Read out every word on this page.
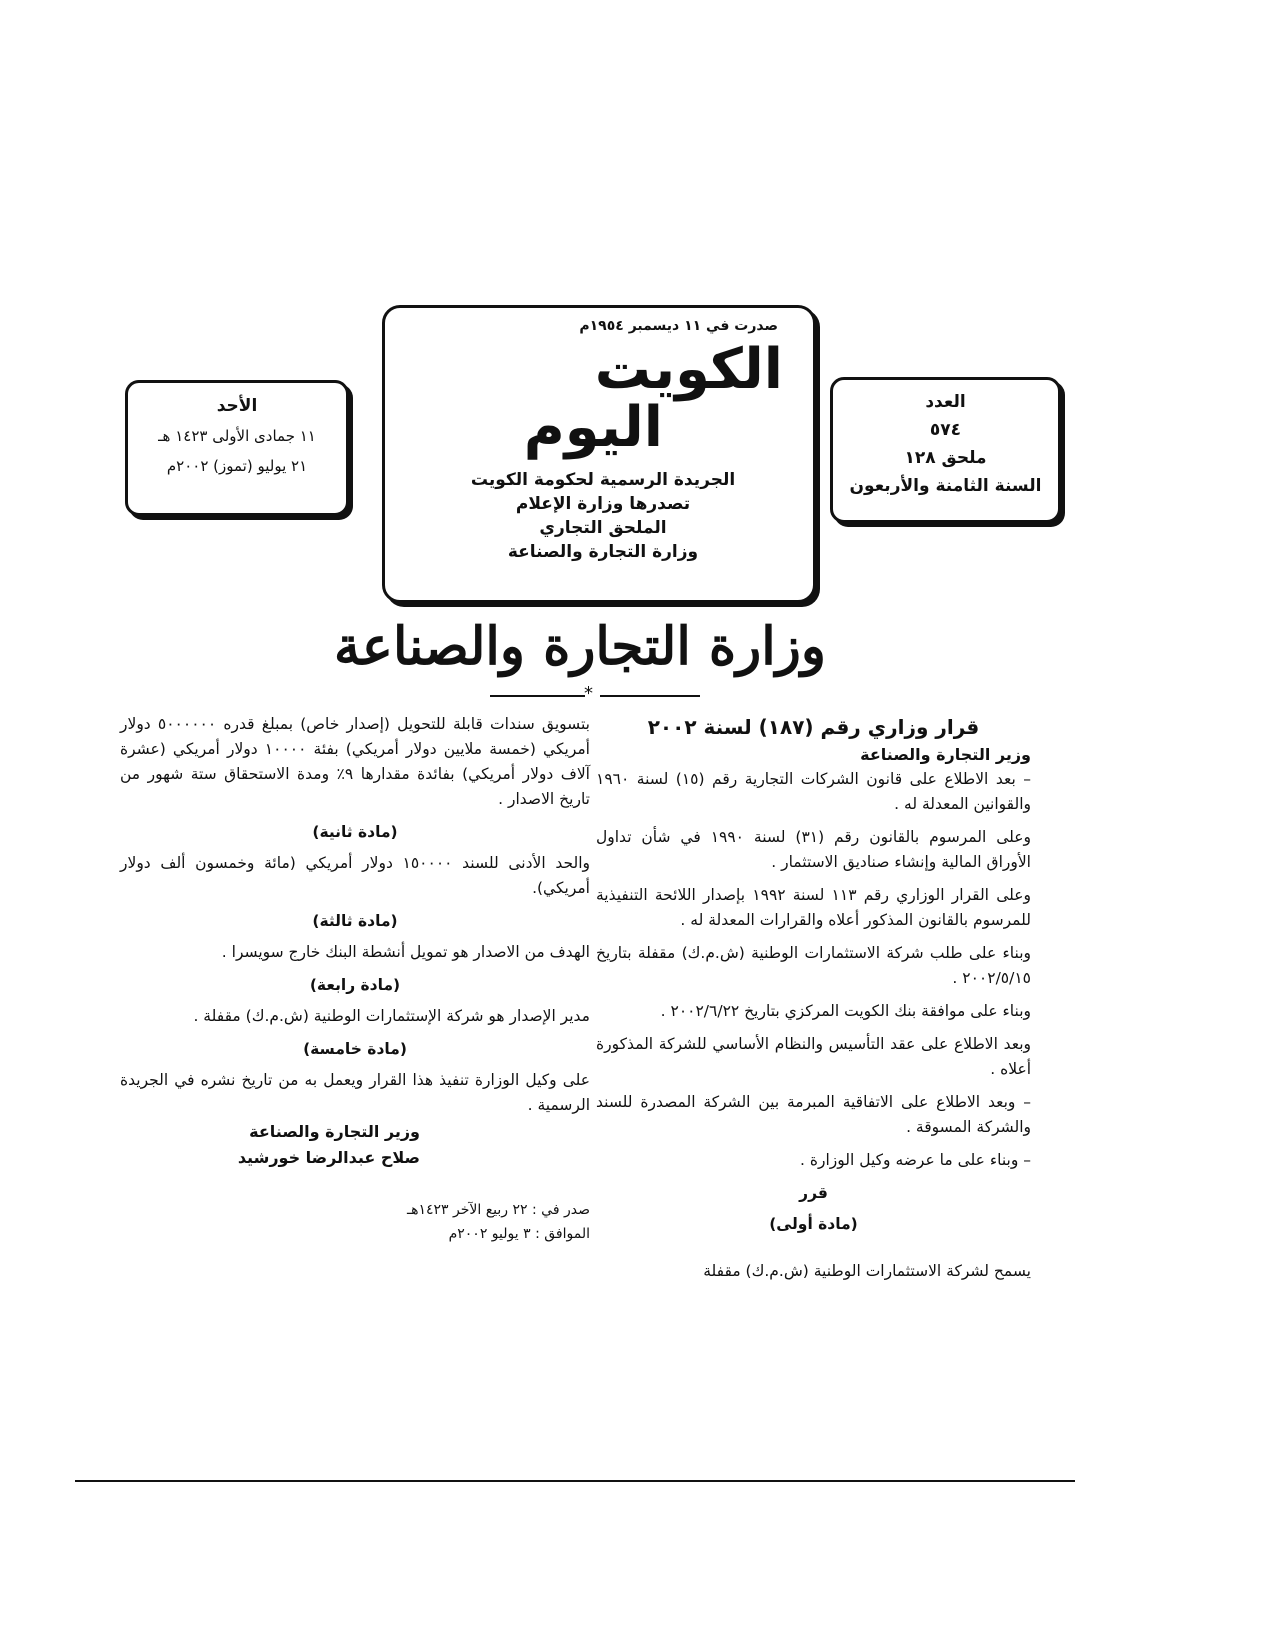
العدد
٥٧٤
ملحق ١٢٨
السنة الثامنة والأربعون
صدرت في ١١ ديسمبر ١٩٥٤م
الكويت
اليوم
الجريدة الرسمية لحكومة الكويت
تصدرها وزارة الإعلام
الملحق التجاري
وزارة التجارة والصناعة
الأحد
١١ جمادى الأولى ١٤٢٣ هـ
٢١ يوليو (تموز) ٢٠٠٢م
وزارة التجارة والصناعة
*
قرار وزاري رقم (١٨٧) لسنة ٢٠٠٢
وزير التجارة والصناعة

– بعد الاطلاع على قانون الشركات التجارية رقم (١٥) لسنة ١٩٦٠ والقوانين المعدلة له .

وعلى المرسوم بالقانون رقم (٣١) لسنة ١٩٩٠ في شأن تداول الأوراق المالية وإنشاء صناديق الاستثمار .

وعلى القرار الوزاري رقم ١١٣ لسنة ١٩٩٢ بإصدار اللائحة التنفيذية للمرسوم بالقانون المذكور أعلاه والقرارات المعدلة له .

وبناء على طلب شركة الاستثمارات الوطنية (ش.م.ك) مقفلة بتاريخ ٢٠٠٢/٥/١٥ .

وبناء على موافقة بنك الكويت المركزي بتاريخ ٢٠٠٢/٦/٢٢ .

وبعد الاطلاع على عقد التأسيس والنظام الأساسي للشركة المذكورة أعلاه .

– وبعد الاطلاع على الاتفاقية المبرمة بين الشركة المصدرة للسند والشركة المسوقة .

– وبناء على ما عرضه وكيل الوزارة .

قرر
(مادة أولى)

يسمح لشركة الاستثمارات الوطنية (ش.م.ك) مقفلة

بتسويق سندات قابلة للتحويل (إصدار خاص) بمبلغ قدره ٥٠٠٠٠٠٠ دولار أمريكي (خمسة ملايين دولار أمريكي) بفئة ١٠٠٠٠ دولار أمريكي (عشرة آلاف دولار أمريكي) بفائدة مقدارها ٩٪ ومدة الاستحقاق ستة شهور من تاريخ الاصدار .

(مادة ثانية)

والحد الأدنى للسند ١٥٠٠٠٠ دولار أمريكي (مائة وخمسون ألف دولار أمريكي).

(مادة ثالثة)

الهدف من الاصدار هو تمويل أنشطة البنك خارج سويسرا .

(مادة رابعة)

مدير الإصدار هو شركة الإستثمارات الوطنية (ش.م.ك) مقفلة .

(مادة خامسة)

على وكيل الوزارة تنفيذ هذا القرار ويعمل به من تاريخ نشره في الجريدة الرسمية .

وزير التجارة والصناعة
صلاح عبدالرضا خورشيد
صدر في : ٢٢ ربيع الآخر ١٤٢٣هـ
الموافق : ٣ يوليو ٢٠٠٢م
